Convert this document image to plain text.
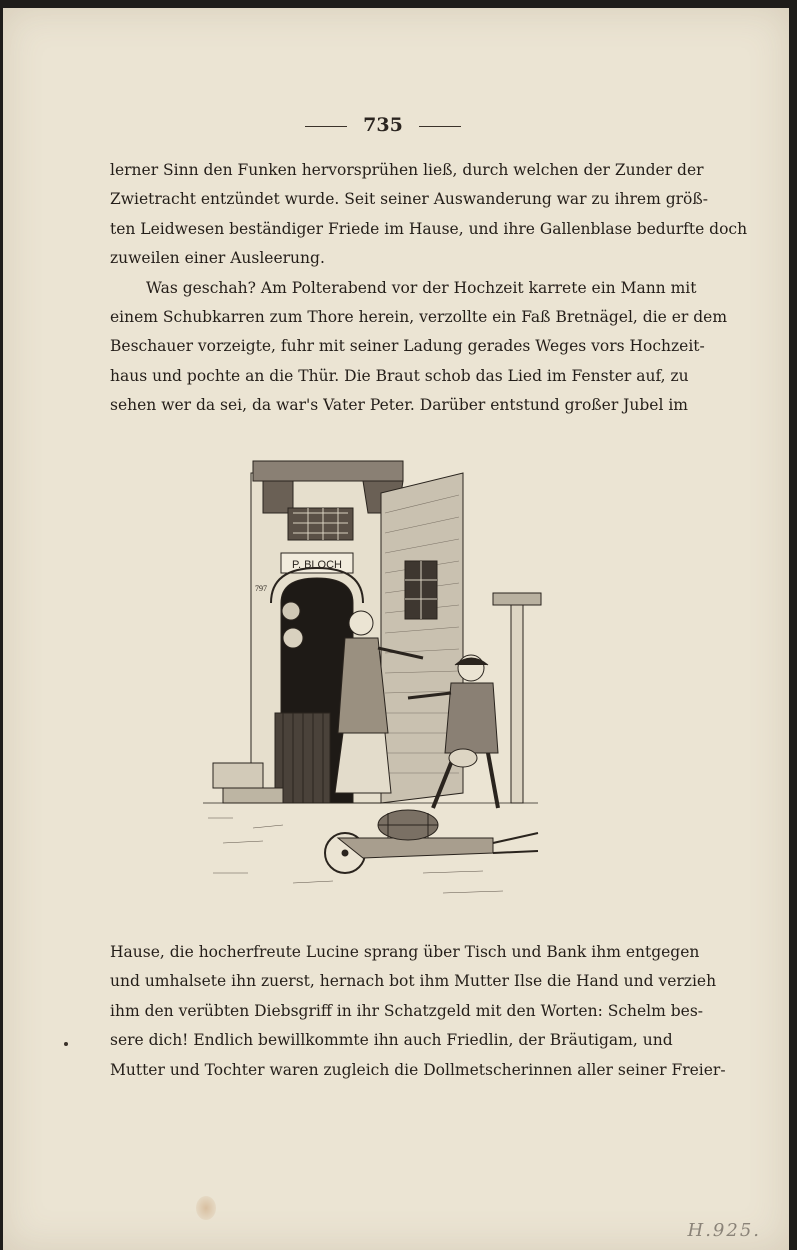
735
lerner Sinn den Funken hervorsprühen ließ, durch welchen der Zunder der
Zwietracht entzündet wurde. Seit seiner Auswanderung war zu ihrem größ-
ten Leidwesen beständiger Friede im Hause, und ihre Gallenblase bedurfte doch
zuweilen einer Ausleerung.
Was geschah? Am Polterabend vor der Hochzeit karrete ein Mann mit
einem Schubkarren zum Thore herein, verzollte ein Faß Bretnägel, die er dem
Beschauer vorzeigte, fuhr mit seiner Ladung gerades Weges vors Hochzeit-
haus und pochte an die Thür. Die Braut schob das Lied im Fenster auf, zu
sehen wer da sei, da war's Vater Peter. Darüber entstund großer Jubel im
P. BLOCH
797
Hause, die hocherfreute Lucine sprang über Tisch und Bank ihm entgegen
und umhalsete ihn zuerst, hernach bot ihm Mutter Ilse die Hand und verzieh
ihm den verübten Diebsgriff in ihr Schatzgeld mit den Worten: Schelm bes-
sere dich! Endlich bewillkommte ihn auch Friedlin, der Bräutigam, und
Mutter und Tochter waren zugleich die Dollmetscherinnen aller seiner Freier-
H.925.
